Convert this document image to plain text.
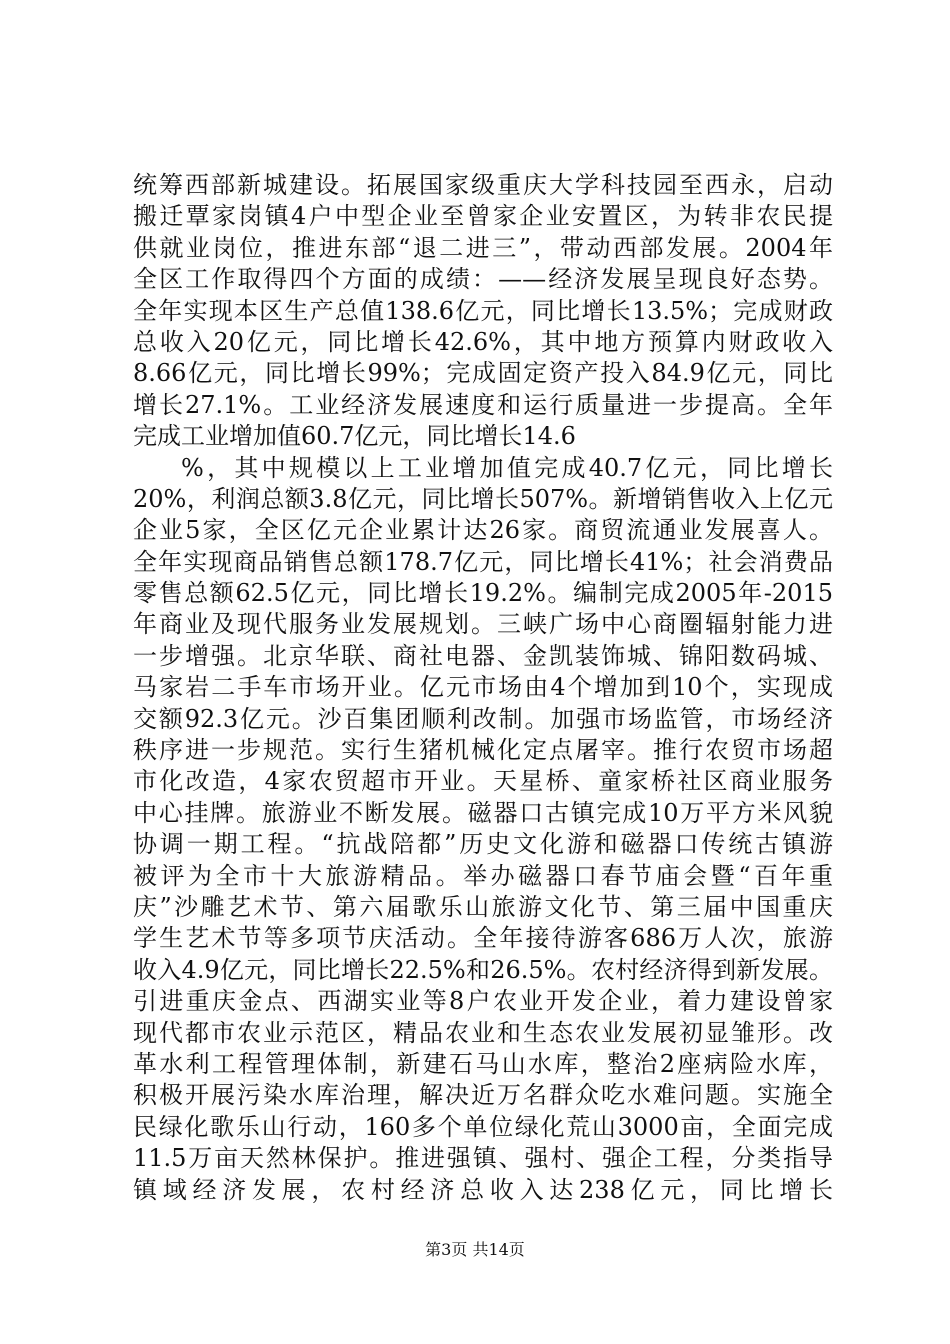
统筹西部新城建设。拓展国家级重庆大学科技园至西永，启动
搬迁覃家岗镇4户中型企业至曾家企业安置区，为转非农民提
供就业岗位，推进东部“退二进三”，带动西部发展。2004年
全区工作取得四个方面的成绩：——经济发展呈现良好态势。
全年实现本区生产总值138.6亿元，同比增长13.5%；完成财政
总收入20亿元，同比增长42.6%，其中地方预算内财政收入
8.66亿元，同比增长99%；完成固定资产投入84.9亿元，同比
增长27.1%。工业经济发展速度和运行质量进一步提高。全年
完成工业增加值60.7亿元，同比增长14.6
%，其中规模以上工业增加值完成40.7亿元，同比增长
20%，利润总额3.8亿元，同比增长507%。新增销售收入上亿元
企业5家，全区亿元企业累计达26家。商贸流通业发展喜人。
全年实现商品销售总额178.7亿元，同比增长41%；社会消费品
零售总额62.5亿元，同比增长19.2%。编制完成2005年-2015
年商业及现代服务业发展规划。三峡广场中心商圈辐射能力进
一步增强。北京华联、商社电器、金凯装饰城、锦阳数码城、
马家岩二手车市场开业。亿元市场由4个增加到10个，实现成
交额92.3亿元。沙百集团顺利改制。加强市场监管，市场经济
秩序进一步规范。实行生猪机械化定点屠宰。推行农贸市场超
市化改造，4家农贸超市开业。天星桥、童家桥社区商业服务
中心挂牌。旅游业不断发展。磁器口古镇完成10万平方米风貌
协调一期工程。“抗战陪都”历史文化游和磁器口传统古镇游
被评为全市十大旅游精品。举办磁器口春节庙会暨“百年重
庆”沙雕艺术节、第六届歌乐山旅游文化节、第三届中国重庆
学生艺术节等多项节庆活动。全年接待游客686万人次，旅游
收入4.9亿元，同比增长22.5%和26.5%。农村经济得到新发展。
引进重庆金点、西湖实业等8户农业开发企业，着力建设曾家
现代都市农业示范区，精品农业和生态农业发展初显雏形。改
革水利工程管理体制，新建石马山水库，整治2座病险水库，
积极开展污染水库治理，解决近万名群众吃水难问题。实施全
民绿化歌乐山行动，160多个单位绿化荒山3000亩，全面完成
11.5万亩天然林保护。推进强镇、强村、强企工程，分类指导
镇域经济发展，农村经济总收入达238亿元，同比增长
第3页 共14页
